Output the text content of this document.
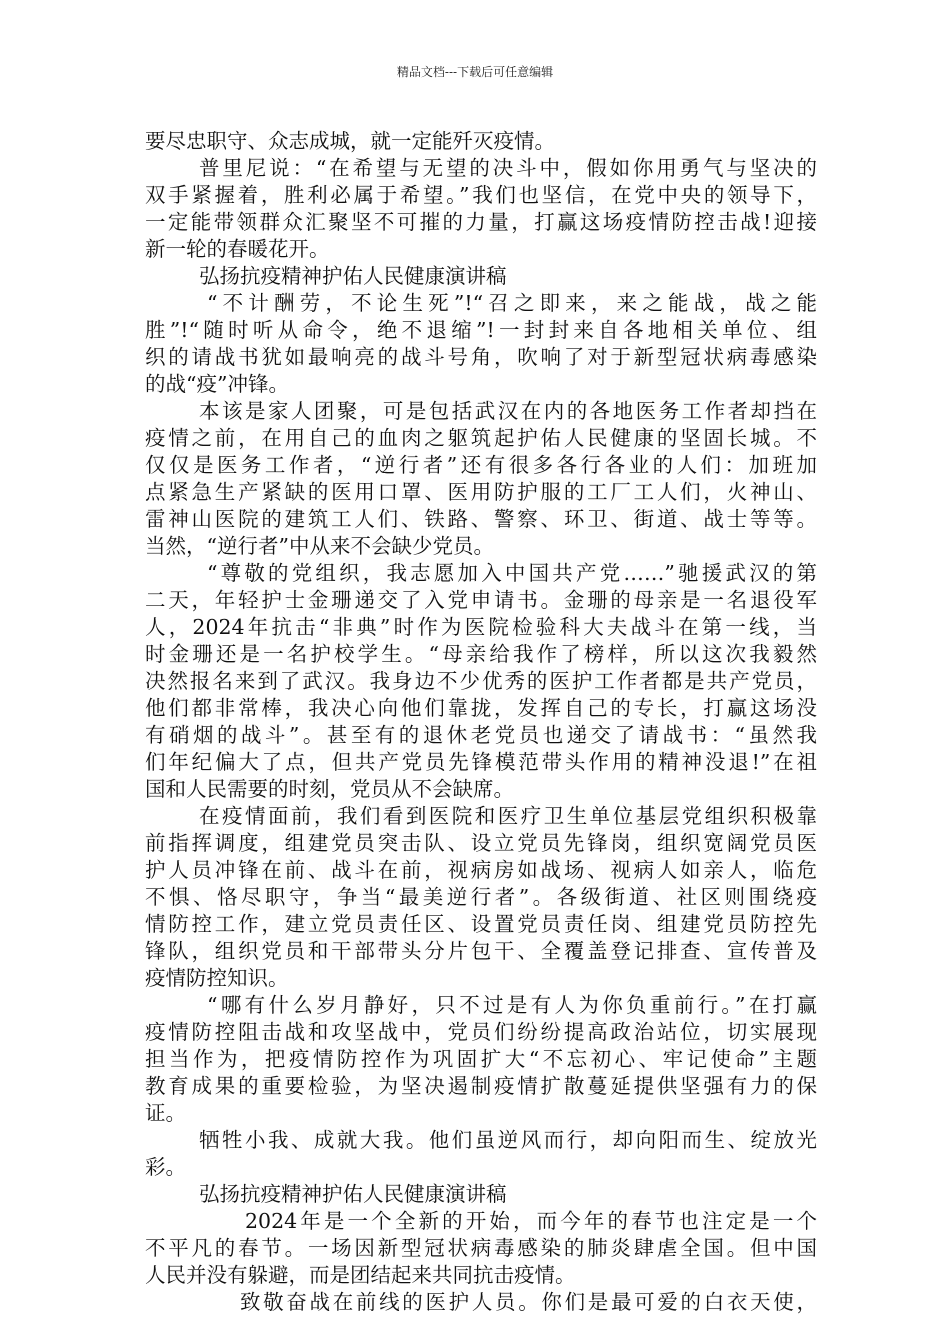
精品文档---下载后可任意编辑

要尽忠职守、众志成城，就一定能歼灭疫情。

普里尼说：“在希望与无望的决斗中，假如你用勇气与坚决的

双手紧握着，胜利必属于希望。”我们也坚信，在党中央的领导下，

一定能带领群众汇聚坚不可摧的力量，打赢这场疫情防控击战!迎接

新一轮的春暖花开。

弘扬抗疫精神护佑人民健康演讲稿

“不计酬劳，不论生死”!“召之即来，来之能战，战之能

胜”!“随时听从命令，绝不退缩”!一封封来自各地相关单位、组

织的请战书犹如最响亮的战斗号角，吹响了对于新型冠状病毒感染

的战“疫”冲锋。

本该是家人团聚，可是包括武汉在内的各地医务工作者却挡在

疫情之前，在用自己的血肉之躯筑起护佑人民健康的坚固长城。不

仅仅是医务工作者，“逆行者”还有很多各行各业的人们：加班加

点紧急生产紧缺的医用口罩、医用防护服的工厂工人们，火神山、

雷神山医院的建筑工人们、铁路、警察、环卫、街道、战士等等。

当然，“逆行者”中从来不会缺少党员。

“尊敬的党组织，我志愿加入中国共产党……”驰援武汉的第

二天，年轻护士金珊递交了入党申请书。金珊的母亲是一名退役军

人，2024年抗击“非典”时作为医院检验科大夫战斗在第一线，当

时金珊还是一名护校学生。“母亲给我作了榜样，所以这次我毅然

决然报名来到了武汉。我身边不少优秀的医护工作者都是共产党员，

他们都非常棒，我决心向他们靠拢，发挥自己的专长，打赢这场没

有硝烟的战斗”。甚至有的退休老党员也递交了请战书：“虽然我

们年纪偏大了点，但共产党员先锋模范带头作用的精神没退!”在祖

国和人民需要的时刻，党员从不会缺席。

在疫情面前，我们看到医院和医疗卫生单位基层党组织积极靠

前指挥调度，组建党员突击队、设立党员先锋岗，组织宽阔党员医

护人员冲锋在前、战斗在前，视病房如战场、视病人如亲人，临危

不惧、恪尽职守，争当“最美逆行者”。各级街道、社区则围绕疫

情防控工作，建立党员责任区、设置党员责任岗、组建党员防控先

锋队，组织党员和干部带头分片包干、全覆盖登记排查、宣传普及

疫情防控知识。

“哪有什么岁月静好，只不过是有人为你负重前行。”在打赢

疫情防控阻击战和攻坚战中，党员们纷纷提高政治站位，切实展现

担当作为，把疫情防控作为巩固扩大“不忘初心、牢记使命”主题

教育成果的重要检验，为坚决遏制疫情扩散蔓延提供坚强有力的保

证。

牺牲小我、成就大我。他们虽逆风而行，却向阳而生、绽放光

彩。

弘扬抗疫精神护佑人民健康演讲稿

2024年是一个全新的开始，而今年的春节也注定是一个

不平凡的春节。一场因新型冠状病毒感染的肺炎肆虐全国。但中国

人民并没有躲避，而是团结起来共同抗击疫情。

致敬奋战在前线的医护人员。你们是最可爱的白衣天使，
